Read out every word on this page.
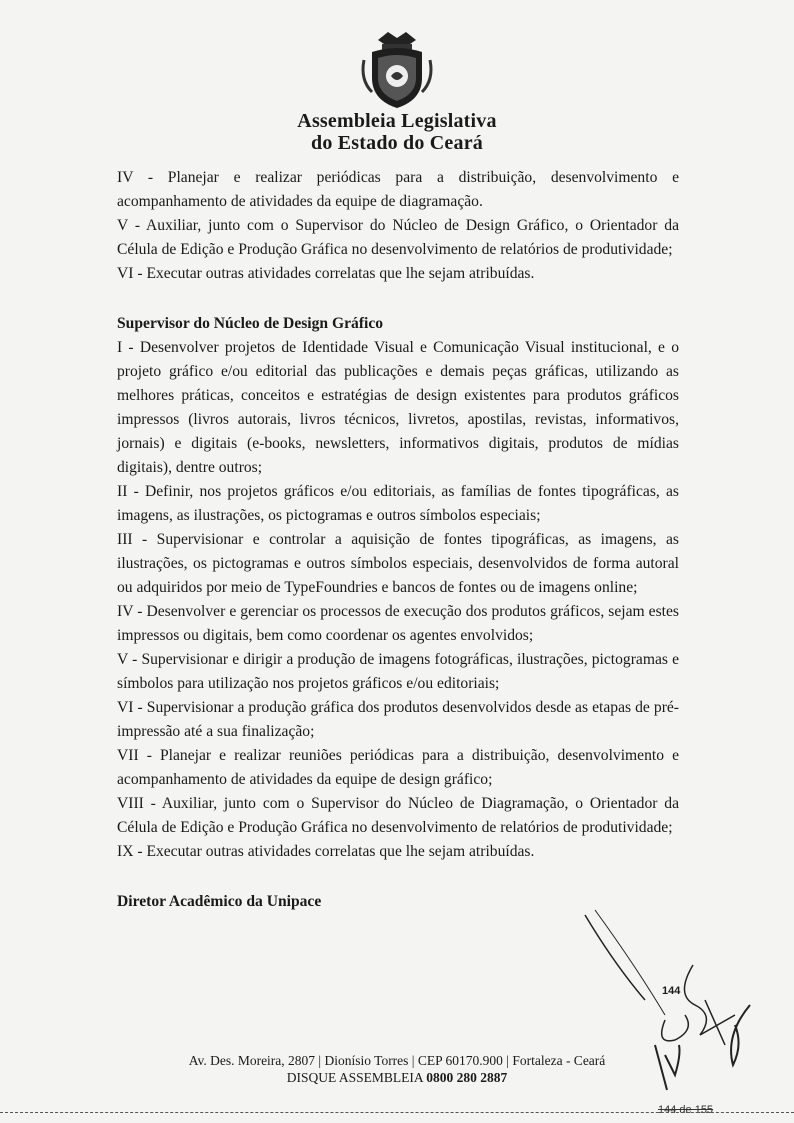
Assembleia Legislativa
do Estado do Ceará

IV - Planejar e realizar periódicas para a distribuição, desenvolvimento e acompanhamento de atividades da equipe de diagramação.

V - Auxiliar, junto com o Supervisor do Núcleo de Design Gráfico, o Orientador da Célula de Edição e Produção Gráfica no desenvolvimento de relatórios de produtividade;

VI - Executar outras atividades correlatas que lhe sejam atribuídas.

Supervisor do Núcleo de Design Gráfico

I - Desenvolver projetos de Identidade Visual e Comunicação Visual institucional, e o projeto gráfico e/ou editorial das publicações e demais peças gráficas, utilizando as melhores práticas, conceitos e estratégias de design existentes para produtos gráficos impressos (livros autorais, livros técnicos, livretos, apostilas, revistas, informativos, jornais) e digitais (e-books, newsletters, informativos digitais, produtos de mídias digitais), dentre outros;

II - Definir, nos projetos gráficos e/ou editoriais, as famílias de fontes tipográficas, as imagens, as ilustrações, os pictogramas e outros símbolos especiais;

III - Supervisionar e controlar a aquisição de fontes tipográficas, as imagens, as ilustrações, os pictogramas e outros símbolos especiais, desenvolvidos de forma autoral ou adquiridos por meio de TypeFoundries e bancos de fontes ou de imagens online;

IV - Desenvolver e gerenciar os processos de execução dos produtos gráficos, sejam estes impressos ou digitais, bem como coordenar os agentes envolvidos;

V - Supervisionar e dirigir a produção de imagens fotográficas, ilustrações, pictogramas e símbolos para utilização nos projetos gráficos e/ou editoriais;

VI - Supervisionar a produção gráfica dos produtos desenvolvidos desde as etapas de pré-impressão até a sua finalização;

VII - Planejar e realizar reuniões periódicas para a distribuição, desenvolvimento e acompanhamento de atividades da equipe de design gráfico;

VIII - Auxiliar, junto com o Supervisor do Núcleo de Diagramação, o Orientador da Célula de Edição e Produção Gráfica no desenvolvimento de relatórios de produtividade;

IX - Executar outras atividades correlatas que lhe sejam atribuídas.

Diretor Acadêmico da Unipace

144
Av. Des. Moreira, 2807 | Dionísio Torres | CEP 60170.900 | Fortaleza - Ceará
DISQUE ASSEMBLEIA 0800 280 2887
144 de 155
